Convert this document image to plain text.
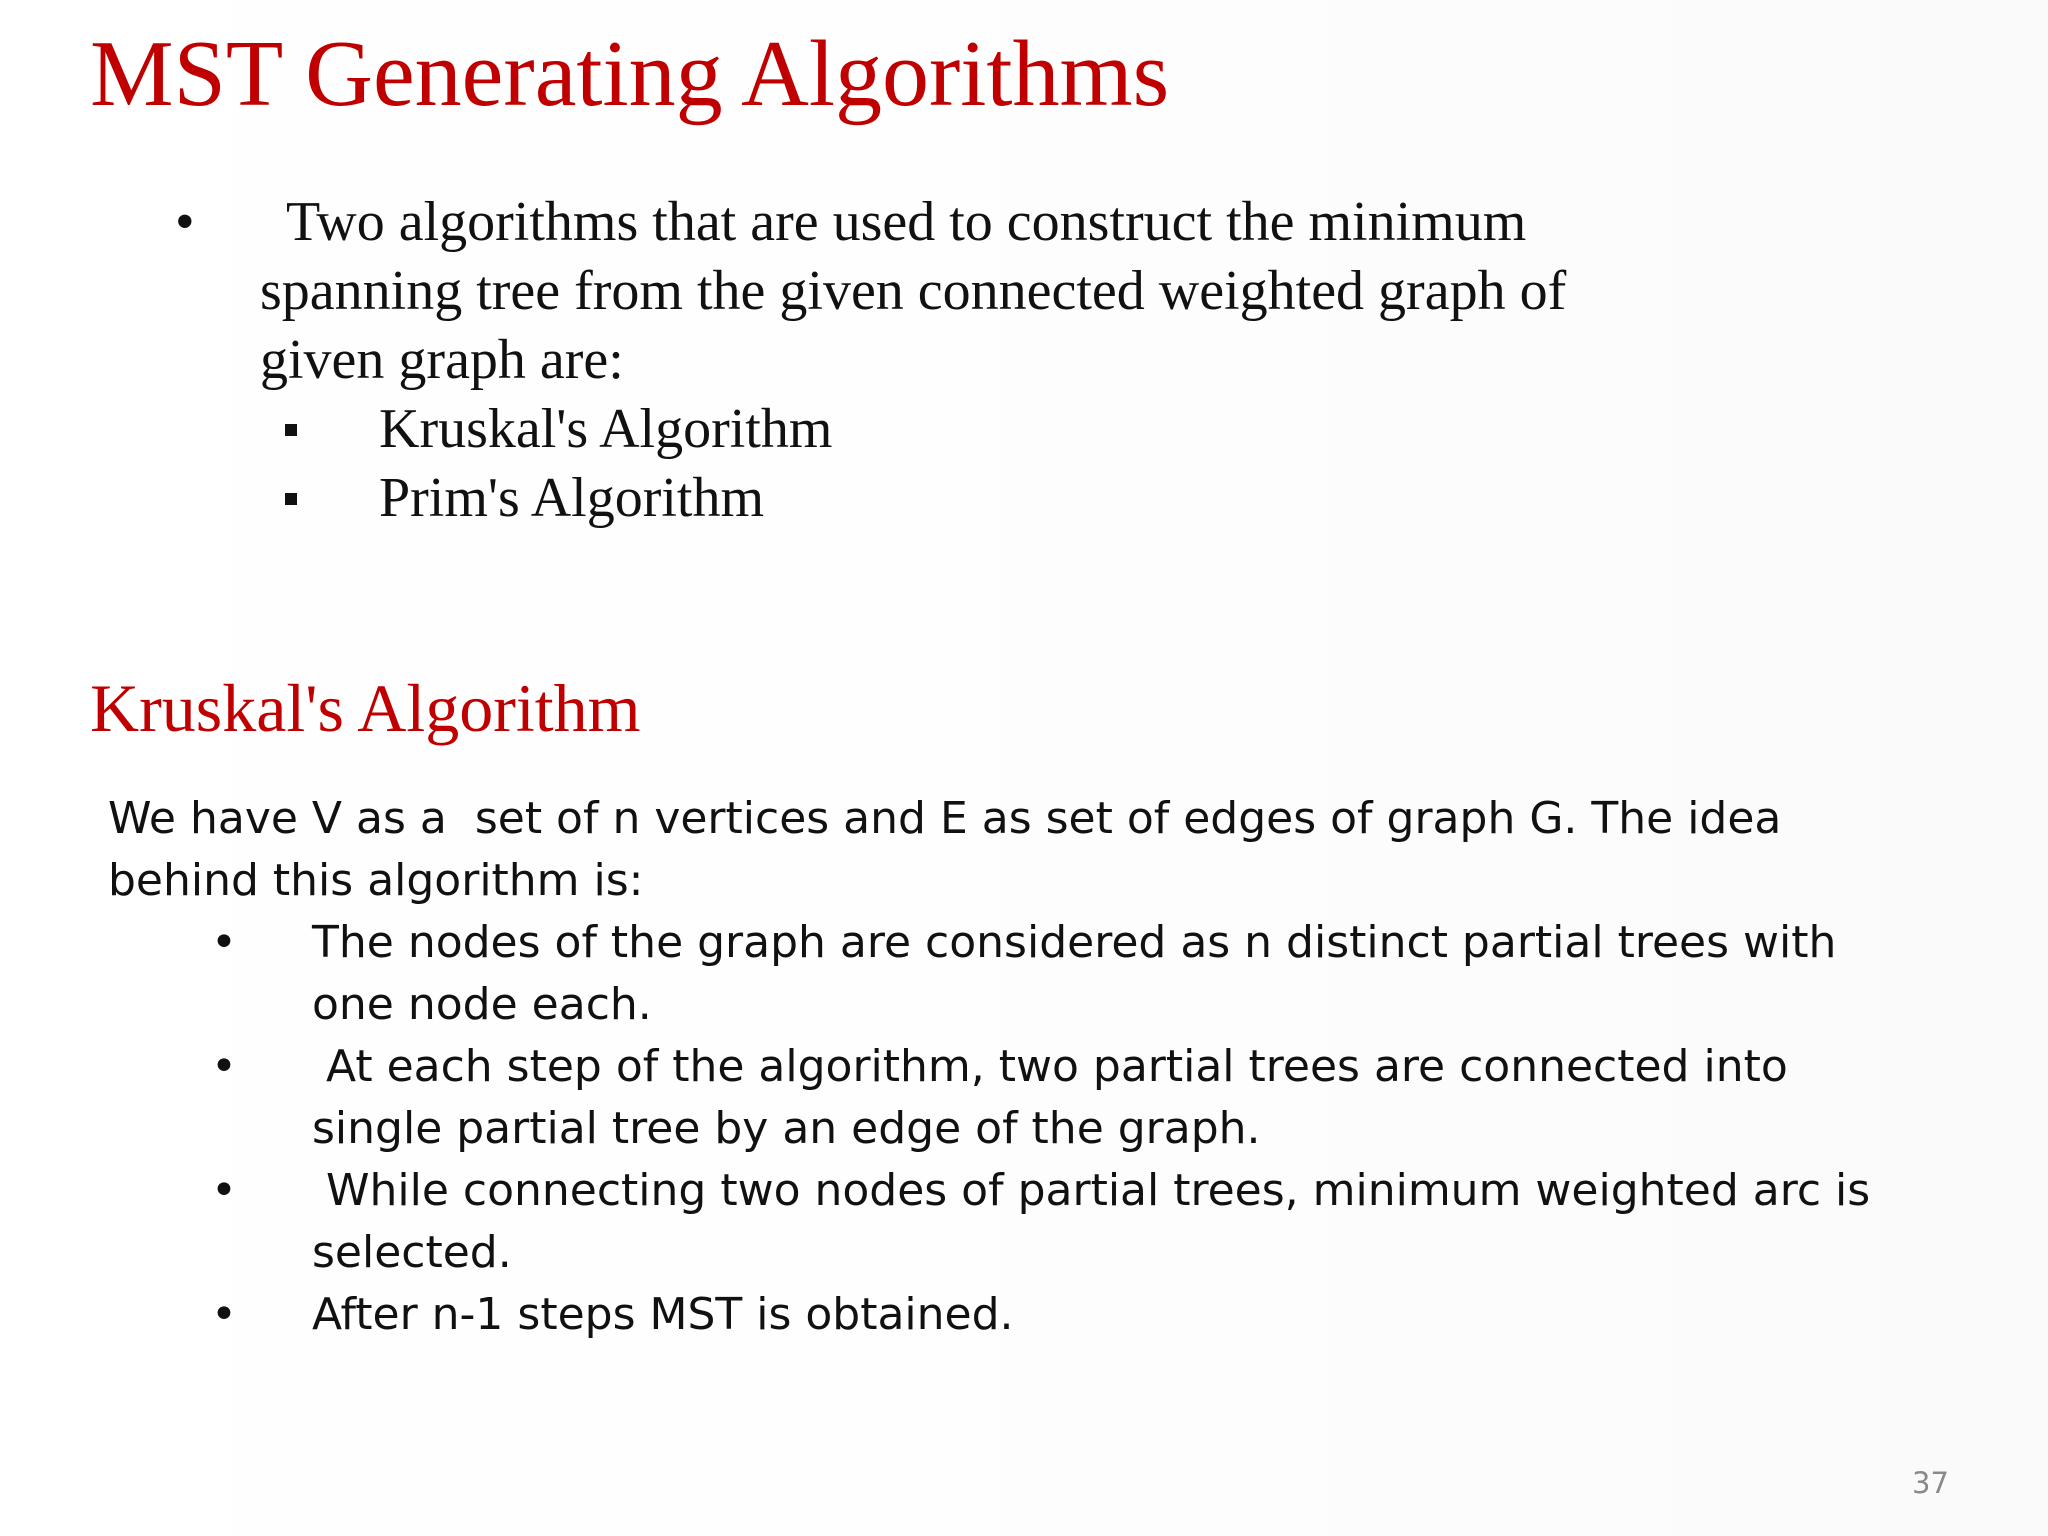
MST Generating Algorithms
•	Two algorithms that are used to construct the minimum spanning tree from the given connected weighted graph of given graph are:
Kruskal's Algorithm
Prim's Algorithm
Kruskal's Algorithm
We have V as a  set of n vertices and E as set of edges of graph G. The idea  behind this algorithm is:
•	The nodes of the graph are considered as n distinct partial trees with one node each.
•	At each step of the algorithm, two partial trees are connected into single partial tree by an edge of the graph.
•	While connecting two nodes of partial trees, minimum weighted arc is selected.
•	After n-1 steps MST is obtained.
37
